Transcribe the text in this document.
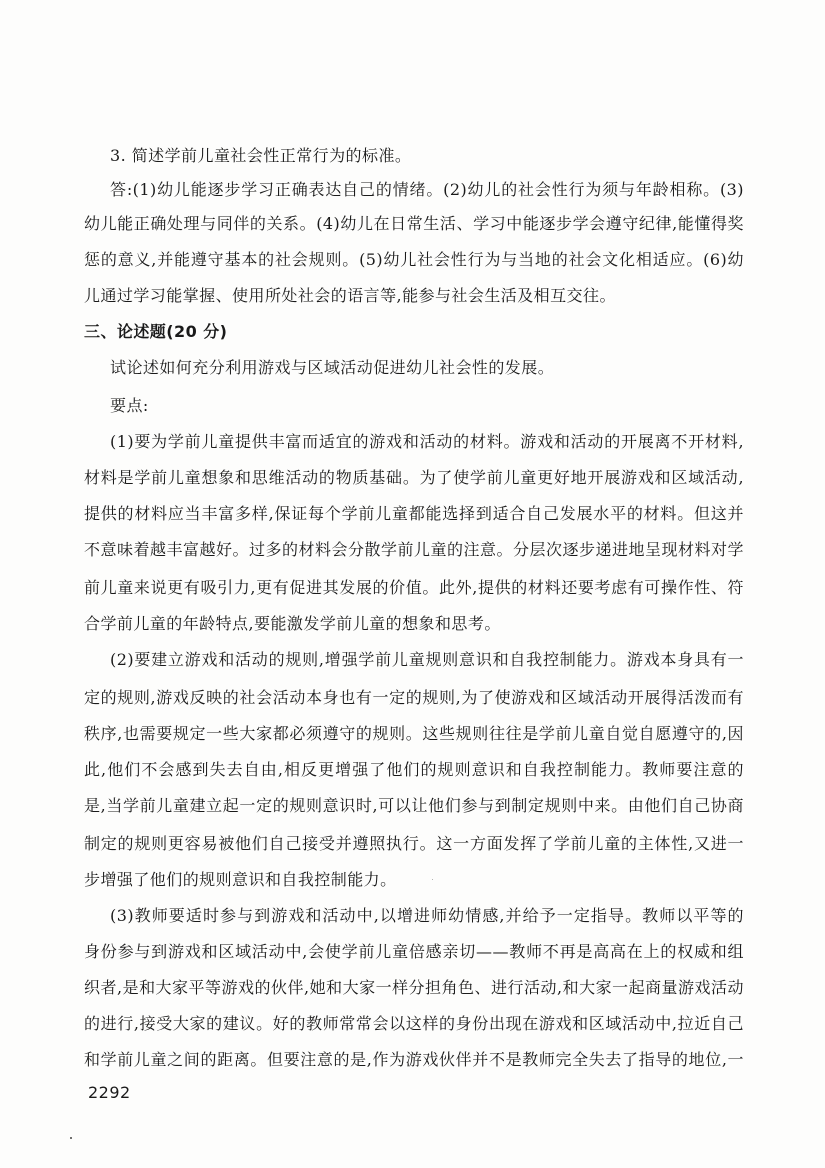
3. 简述学前儿童社会性正常行为的标准。
答:(1)幼儿能逐步学习正确表达自己的情绪。(2)幼儿的社会性行为须与年龄相称。(3)
幼儿能正确处理与同伴的关系。(4)幼儿在日常生活、学习中能逐步学会遵守纪律,能懂得奖
惩的意义,并能遵守基本的社会规则。(5)幼儿社会性行为与当地的社会文化相适应。(6)幼
儿通过学习能掌握、使用所处社会的语言等,能参与社会生活及相互交往。
三、论述题(20 分)
试论述如何充分利用游戏与区域活动促进幼儿社会性的发展。
要点:
(1)要为学前儿童提供丰富而适宜的游戏和活动的材料。游戏和活动的开展离不开材料,
材料是学前儿童想象和思维活动的物质基础。为了使学前儿童更好地开展游戏和区域活动,
提供的材料应当丰富多样,保证每个学前儿童都能选择到适合自己发展水平的材料。但这并
不意味着越丰富越好。过多的材料会分散学前儿童的注意。分层次逐步递进地呈现材料对学
前儿童来说更有吸引力,更有促进其发展的价值。此外,提供的材料还要考虑有可操作性、符
合学前儿童的年龄特点,要能激发学前儿童的想象和思考。
(2)要建立游戏和活动的规则,增强学前儿童规则意识和自我控制能力。游戏本身具有一
定的规则,游戏反映的社会活动本身也有一定的规则,为了使游戏和区域活动开展得活泼而有
秩序,也需要规定一些大家都必须遵守的规则。这些规则往往是学前儿童自觉自愿遵守的,因
此,他们不会感到失去自由,相反更增强了他们的规则意识和自我控制能力。教师要注意的
是,当学前儿童建立起一定的规则意识时,可以让他们参与到制定规则中来。由他们自己协商
制定的规则更容易被他们自己接受并遵照执行。这一方面发挥了学前儿童的主体性,又进一
步增强了他们的规则意识和自我控制能力。
(3)教师要适时参与到游戏和活动中,以增进师幼情感,并给予一定指导。教师以平等的
身份参与到游戏和区域活动中,会使学前儿童倍感亲切——教师不再是高高在上的权威和组
织者,是和大家平等游戏的伙伴,她和大家一样分担角色、进行活动,和大家一起商量游戏活动
的进行,接受大家的建议。好的教师常常会以这样的身份出现在游戏和区域活动中,拉近自己
和学前儿童之间的距离。但要注意的是,作为游戏伙伴并不是教师完全失去了指导的地位,一
2292
